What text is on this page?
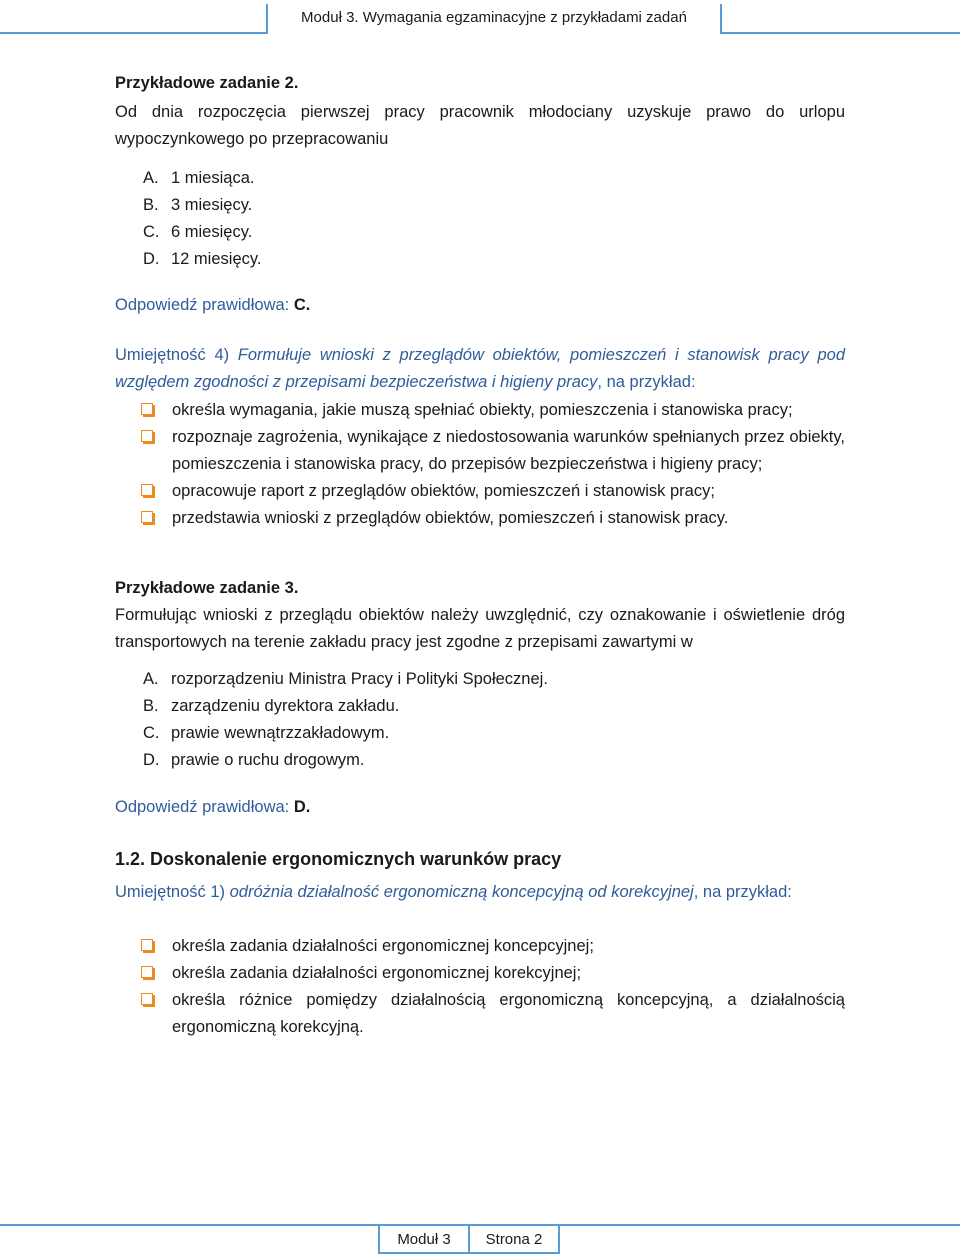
Moduł 3. Wymagania egzaminacyjne z przykładami zadań

Przykładowe zadanie 2.

Od dnia rozpoczęcia pierwszej pracy pracownik młodociany uzyskuje prawo do urlopu wypoczynkowego po przepracowaniu

A. 1 miesiąca.
B. 3 miesięcy.
C. 6 miesięcy.
D. 12 miesięcy.

Odpowiedź prawidłowa: C.

Umiejętność 4) Formułuje wnioski z przeglądów obiektów, pomieszczeń i stanowisk pracy pod względem zgodności z przepisami bezpieczeństwa i higieny pracy, na przykład:

określa wymagania, jakie muszą spełniać obiekty, pomieszczenia i stanowiska pracy;
rozpoznaje zagrożenia, wynikające z niedostosowania warunków spełnianych przez obiekty, pomieszczenia i stanowiska pracy, do przepisów bezpieczeństwa i higieny pracy;
opracowuje raport z przeglądów obiektów, pomieszczeń i stanowisk pracy;
przedstawia wnioski z przeglądów obiektów, pomieszczeń i stanowisk pracy.

Przykładowe zadanie 3.

Formułując wnioski z przeglądu obiektów należy uwzględnić, czy oznakowanie i oświetlenie dróg transportowych na terenie zakładu pracy jest zgodne z przepisami zawartymi w

A. rozporządzeniu Ministra Pracy i Polityki Społecznej.
B. zarządzeniu dyrektora zakładu.
C. prawie wewnątrzzakładowym.
D. prawie o ruchu drogowym.

Odpowiedź prawidłowa: D.

1.2. Doskonalenie ergonomicznych warunków pracy

Umiejętność 1) odróżnia działalność ergonomiczną koncepcyjną od korekcyjnej, na przykład:

określa zadania działalności ergonomicznej koncepcyjnej;
określa zadania działalności ergonomicznej korekcyjnej;
określa różnice pomiędzy działalnością ergonomiczną koncepcyjną, a działalnością ergonomiczną korekcyjną.
Moduł 3	Strona 2
